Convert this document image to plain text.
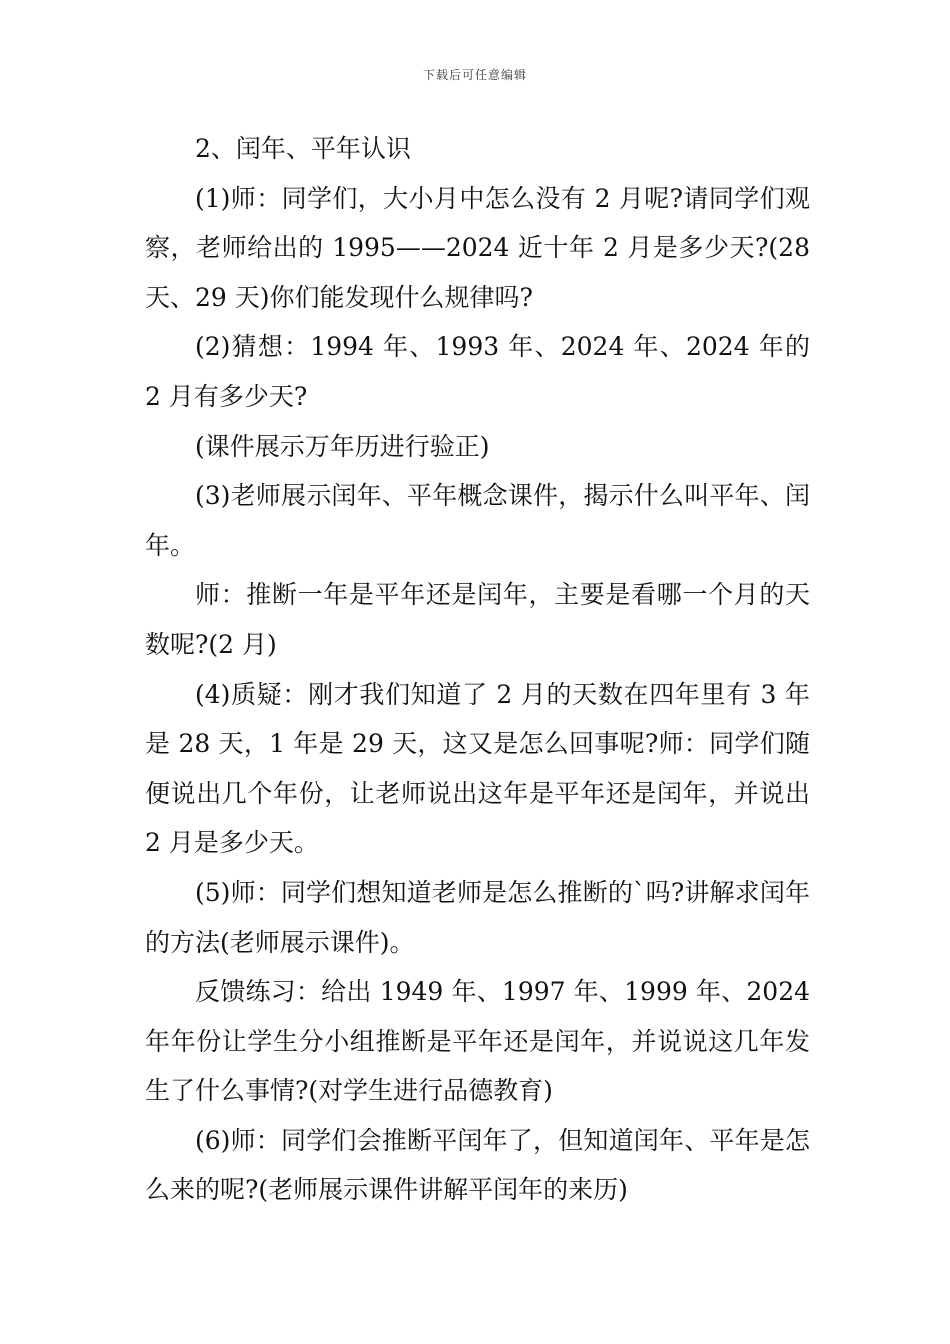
下载后可任意编辑

2、闰年、平年认识

(1)师：同学们，大小月中怎么没有 2 月呢?请同学们观察，老师给出的 1995——2024 近十年 2 月是多少天?(28 天、29 天)你们能发现什么规律吗?

(2)猜想：1994 年、1993 年、2024 年、2024 年的 2 月有多少天?

(课件展示万年历进行验正)

(3)老师展示闰年、平年概念课件，揭示什么叫平年、闰年。

师：推断一年是平年还是闰年，主要是看哪一个月的天数呢?(2 月)

(4)质疑：刚才我们知道了 2 月的天数在四年里有 3 年是 28 天，1 年是 29 天，这又是怎么回事呢?师：同学们随便说出几个年份，让老师说出这年是平年还是闰年，并说出 2 月是多少天。

(5)师：同学们想知道老师是怎么推断的`吗?讲解求闰年的方法(老师展示课件)。

反馈练习：给出 1949 年、1997 年、1999 年、2024 年年份让学生分小组推断是平年还是闰年，并说说这几年发生了什么事情?(对学生进行品德教育)

(6)师：同学们会推断平闰年了，但知道闰年、平年是怎么来的呢?(老师展示课件讲解平闰年的来历)
